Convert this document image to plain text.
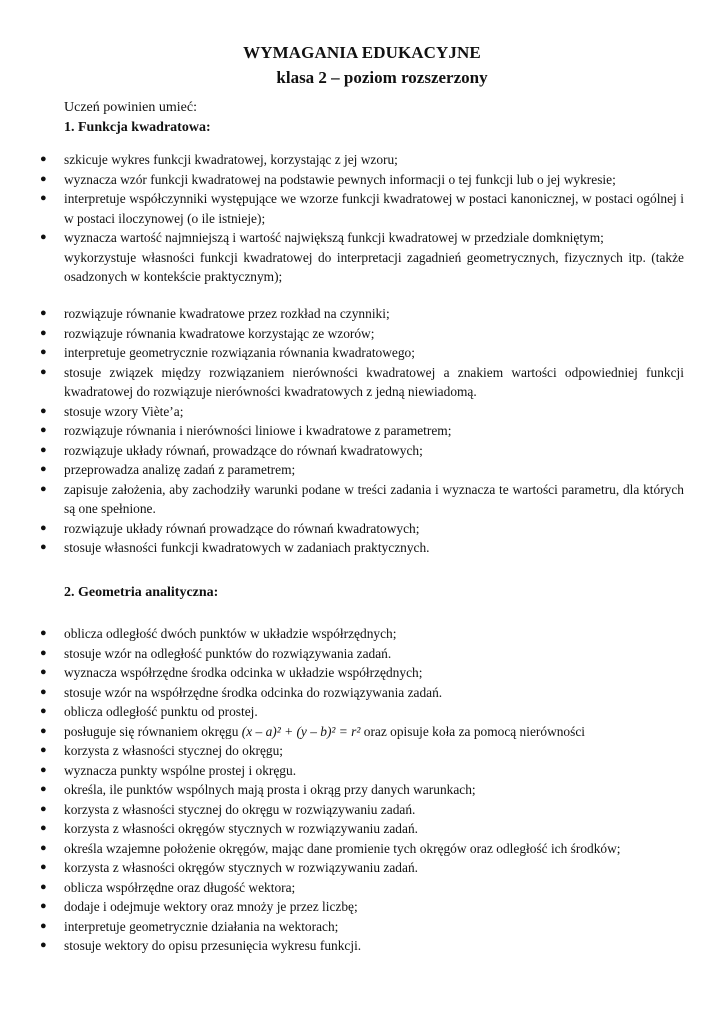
WYMAGANIA EDUKACYJNE
klasa 2 – poziom rozszerzony
Uczeń powinien umieć:
1. Funkcja kwadratowa:
● szkicuje wykres funkcji kwadratowej, korzystając z jej wzoru;
● wyznacza wzór funkcji kwadratowej na podstawie pewnych informacji o tej funkcji lub o jej wykresie;
● interpretuje współczynniki występujące we wzorze funkcji kwadratowej w postaci kanonicznej, w postaci ogólnej i w postaci iloczynowej (o ile istnieje);
● wyznacza wartość najmniejszą i wartość największą funkcji kwadratowej w przedziale domkniętym;
wykorzystuje własności funkcji kwadratowej do interpretacji zagadnień geometrycznych, fizycznych itp. (także osadzonych w kontekście praktycznym);
● rozwiązuje równanie kwadratowe przez rozkład na czynniki;
● rozwiązuje równania kwadratowe korzystając ze wzorów;
● interpretuje geometrycznie rozwiązania równania kwadratowego;
● stosuje związek między rozwiązaniem nierówności kwadratowej a znakiem wartości odpowiedniej funkcji kwadratowej do rozwiązuje nierówności kwadratowych z jedną niewiadomą.
● stosuje wzory Viète’a;
● rozwiązuje równania i nierówności liniowe i kwadratowe z parametrem;
● rozwiązuje układy równań, prowadzące do równań kwadratowych;
● przeprowadza analizę zadań z parametrem;
● zapisuje założenia, aby zachodziły warunki podane w treści zadania i wyznacza te wartości parametru, dla których są one spełnione.
● rozwiązuje układy równań prowadzące do równań kwadratowych;
● stosuje własności funkcji kwadratowych w zadaniach praktycznych.
2. Geometria analityczna:
● oblicza odległość dwóch punktów w układzie współrzędnych;
● stosuje wzór na odległość punktów do rozwiązywania zadań.
● wyznacza współrzędne środka odcinka w układzie współrzędnych;
● stosuje wzór na współrzędne środka odcinka do rozwiązywania zadań.
● oblicza odległość punktu od prostej.
● posługuje się równaniem okręgu (x – a)² + (y – b)² = r² oraz opisuje koła za pomocą nierówności
● korzysta z własności stycznej do okręgu;
● wyznacza punkty wspólne prostej i okręgu.
● określa, ile punktów wspólnych mają prosta i okrąg przy danych warunkach;
● korzysta z własności stycznej do okręgu w rozwiązywaniu zadań.
● korzysta z własności okręgów stycznych w rozwiązywaniu zadań.
● określa wzajemne położenie okręgów, mając dane promienie tych okręgów oraz odległość ich środków;
● korzysta z własności okręgów stycznych w rozwiązywaniu zadań.
● oblicza współrzędne oraz długość wektora;
● dodaje i odejmuje wektory oraz mnoży je przez liczbę;
● interpretuje geometrycznie działania na wektorach;
● stosuje wektory do opisu przesunięcia wykresu funkcji.
